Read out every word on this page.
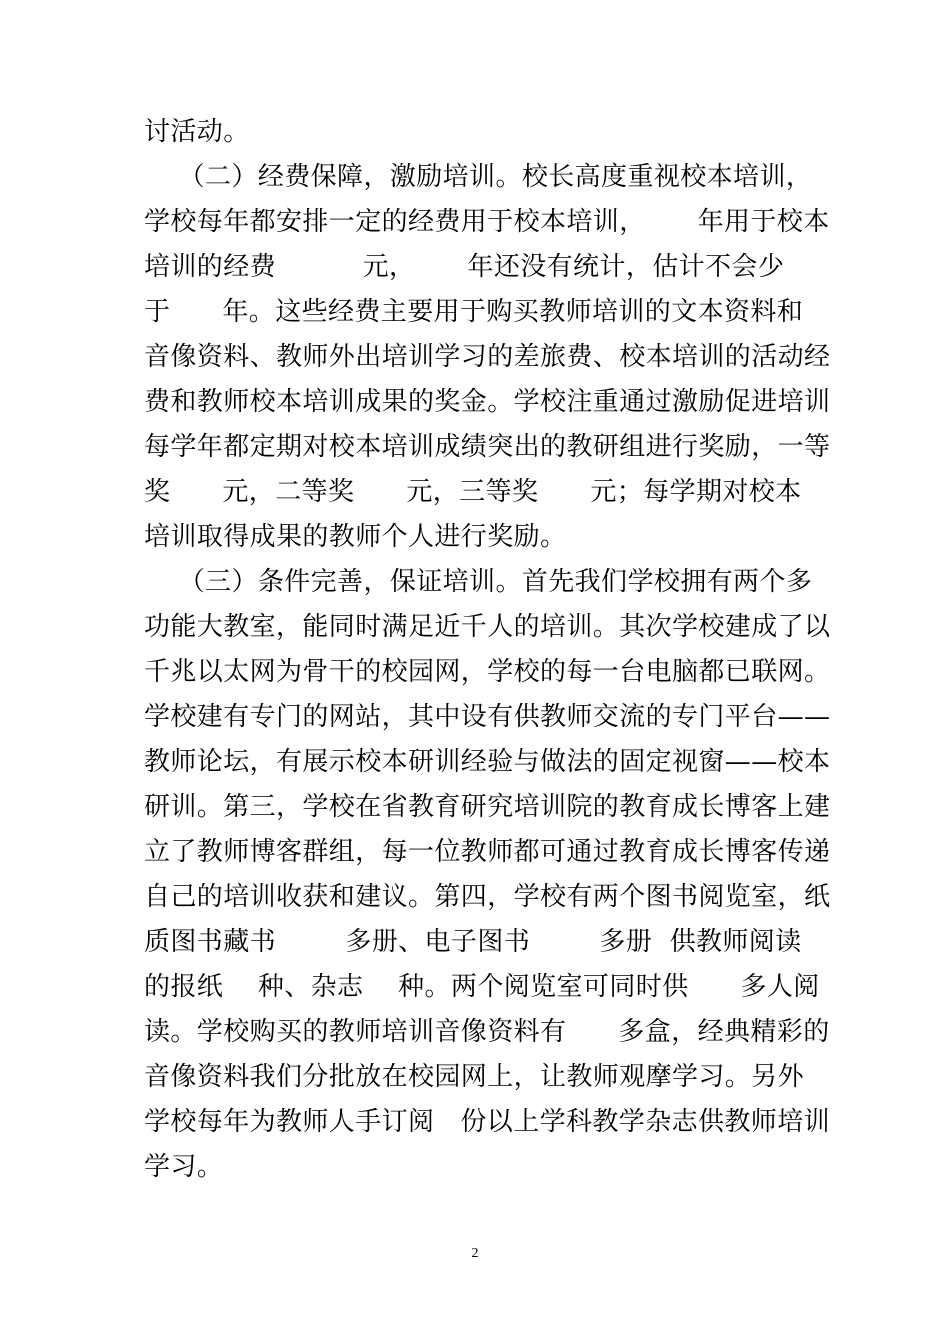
讨活动。
（二）经费保障，激励培训。校长高度重视校本培训，
学校每年都安排一定的经费用于校本培训，      年用于校本
培训的经费          元，      年还没有统计，估计不会少
于      年。这些经费主要用于购买教师培训的文本资料和
音像资料、教师外出培训学习的差旅费、校本培训的活动经
费和教师校本培训成果的奖金。学校注重通过激励促进培训
每学年都定期对校本培训成绩突出的教研组进行奖励，一等
奖      元，二等奖      元，三等奖      元；每学期对校本
培训取得成果的教师个人进行奖励。
（三）条件完善，保证培训。首先我们学校拥有两个多
功能大教室，能同时满足近千人的培训。其次学校建成了以
千兆以太网为骨干的校园网，学校的每一台电脑都已联网。
学校建有专门的网站，其中设有供教师交流的专门平台——
教师论坛，有展示校本研训经验与做法的固定视窗——校本
研训。第三，学校在省教育研究培训院的教育成长博客上建
立了教师博客群组，每一位教师都可通过教育成长博客传递
自己的培训收获和建议。第四，学校有两个图书阅览室，纸
质图书藏书        多册、电子图书        多册  供教师阅读
的报纸    种、杂志    种。两个阅览室可同时供      多人阅
读。学校购买的教师培训音像资料有      多盒，经典精彩的
音像资料我们分批放在校园网上，让教师观摩学习。另外
学校每年为教师人手订阅   份以上学科教学杂志供教师培训
学习。
2
